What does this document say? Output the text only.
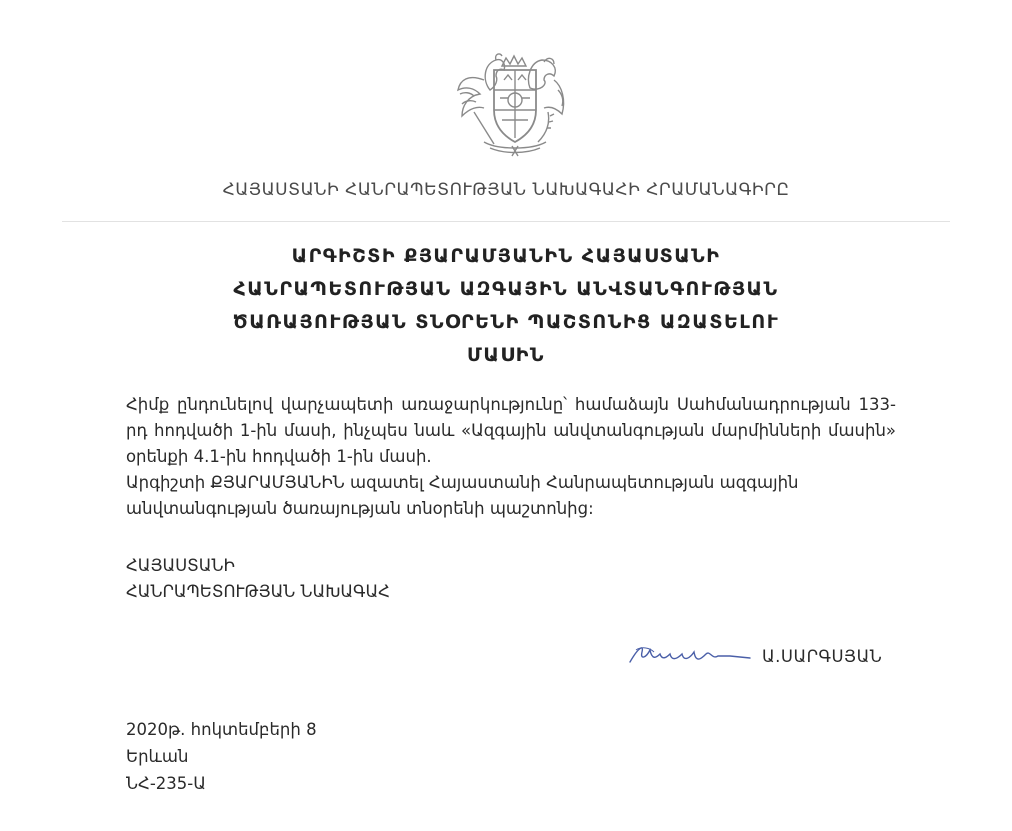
ՀԱՅԱՍՏԱՆԻ ՀԱՆՐԱՊԵՏՈՒԹՅԱՆ ՆԱԽԱԳԱՀԻ ՀՐԱՄԱՆԱԳԻՐԸ
ԱՐԳԻՇՏԻ ՔՅԱՐԱՄՅԱՆԻՆ ՀԱՅԱՍՏԱՆԻ
ՀԱՆՐԱՊԵՏՈՒԹՅԱՆ ԱԶԳԱՅԻՆ ԱՆՎՏԱՆԳՈՒԹՅԱՆ
ԾԱՌԱՅՈՒԹՅԱՆ ՏՆՕՐԵՆԻ ՊԱՇՏՈՆԻՑ ԱԶԱՏԵԼՈՒ
ՄԱՍԻՆ

Հիմք ընդունելով վարչապետի առաջարկությունը՝ համաձայն Սահմանադրության 133-րդ հոդվածի 1-ին մասի, ինչպես նաև «Ազգային անվտանգության մարմինների մասին» օրենքի 4.1-ին հոդվածի 1-ին մասի.

Արգիշտի ՔՅԱՐԱՄՅԱՆԻՆ ազատել Հայաստանի Հանրապետության ազգային անվտանգության ծառայության տնօրենի պաշտոնից:

ՀԱՅԱՍՏԱՆԻ
ՀԱՆՐԱՊԵՏՈՒԹՅԱՆ ՆԱԽԱԳԱՀ
Ա.ՍԱՐԳՍՅԱՆ
2020թ. հոկտեմբերի 8
Երևան
ՆՀ-235-Ա
